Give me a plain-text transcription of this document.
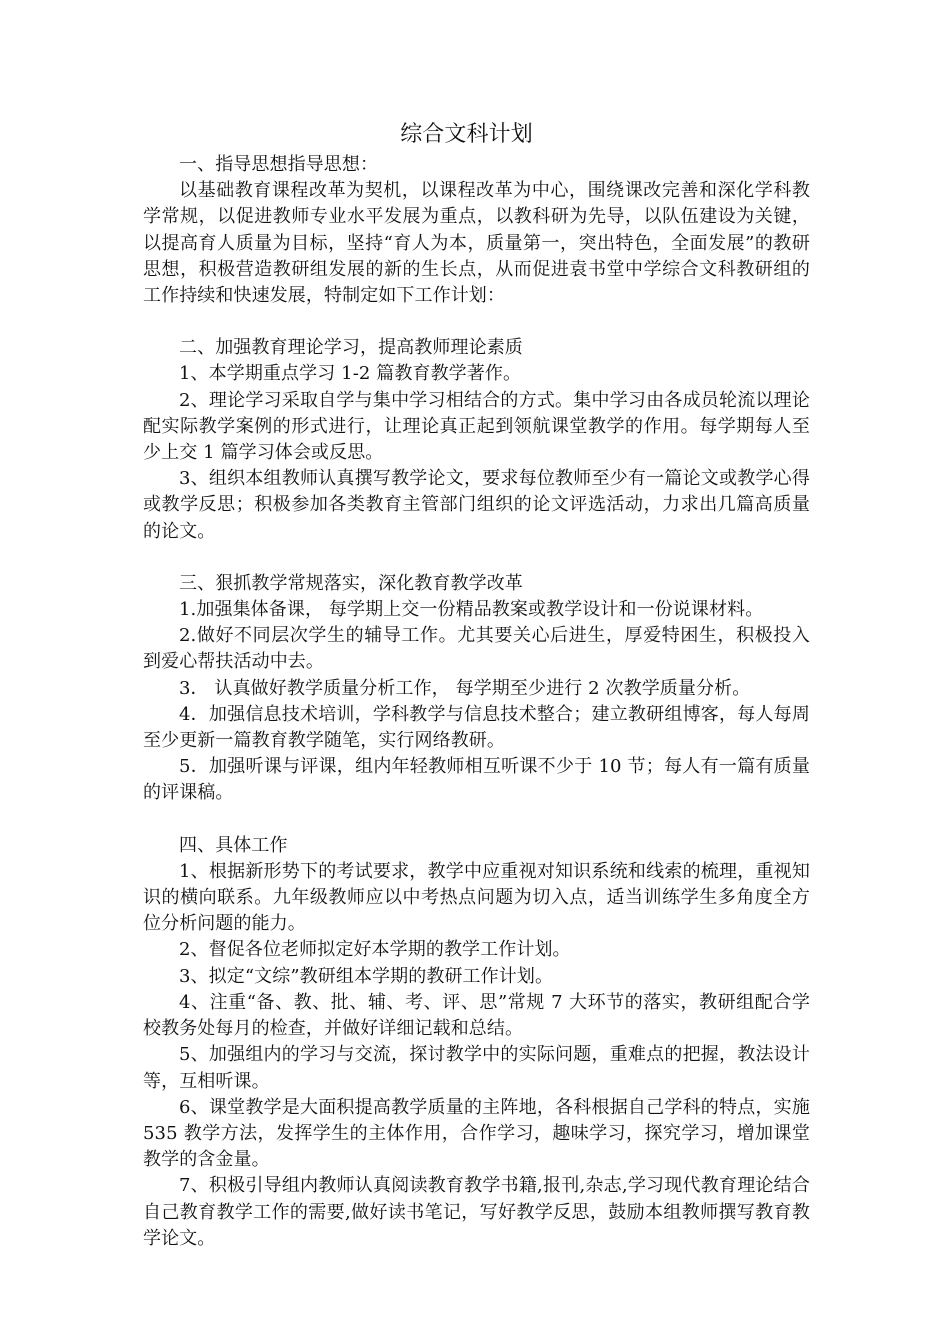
综合文科计划
一、指导思想指导思想：
以基础教育课程改革为契机，以课程改革为中心，围绕课改完善和深化学科教学常规，以促进教师专业水平发展为重点，以教科研为先导，以队伍建设为关键，以提高育人质量为目标，坚持“育人为本，质量第一，突出特色，全面发展”的教研思想，积极营造教研组发展的新的生长点，从而促进袁书堂中学综合文科教研组的工作持续和快速发展，特制定如下工作计划：
二、加强教育理论学习，提高教师理论素质
1、本学期重点学习 1-2 篇教育教学著作。
2、理论学习采取自学与集中学习相结合的方式。集中学习由各成员轮流以理论配实际教学案例的形式进行，让理论真正起到领航课堂教学的作用。每学期每人至少上交 1 篇学习体会或反思。
3、组织本组教师认真撰写教学论文，要求每位教师至少有一篇论文或教学心得或教学反思；积极参加各类教育主管部门组织的论文评选活动，力求出几篇高质量的论文。
三、狠抓教学常规落实，深化教育教学改革
1.加强集体备课， 每学期上交一份精品教案或教学设计和一份说课材料。
2.做好不同层次学生的辅导工作。尤其要关心后进生，厚爱特困生，积极投入到爱心帮扶活动中去。
3． 认真做好教学质量分析工作， 每学期至少进行 2 次教学质量分析。
4．加强信息技术培训，学科教学与信息技术整合；建立教研组博客，每人每周至少更新一篇教育教学随笔，实行网络教研。
5．加强听课与评课，组内年轻教师相互听课不少于 10 节；每人有一篇有质量的评课稿。
四、具体工作
1、根据新形势下的考试要求，教学中应重视对知识系统和线索的梳理，重视知识的横向联系。九年级教师应以中考热点问题为切入点，适当训练学生多角度全方位分析问题的能力。
2、督促各位老师拟定好本学期的教学工作计划。
3、拟定“文综”教研组本学期的教研工作计划。
4、注重“备、教、批、辅、考、评、思”常规 7 大环节的落实，教研组配合学校教务处每月的检查，并做好详细记载和总结。
5、加强组内的学习与交流，探讨教学中的实际问题，重难点的把握，教法设计等，互相听课。
6、课堂教学是大面积提高教学质量的主阵地，各科根据自己学科的特点，实施 535 教学方法，发挥学生的主体作用，合作学习，趣味学习，探究学习，增加课堂教学的含金量。
7、积极引导组内教师认真阅读教育教学书籍,报刊,杂志,学习现代教育理论结合自己教育教学工作的需要,做好读书笔记，写好教学反思，鼓励本组教师撰写教育教学论文。
